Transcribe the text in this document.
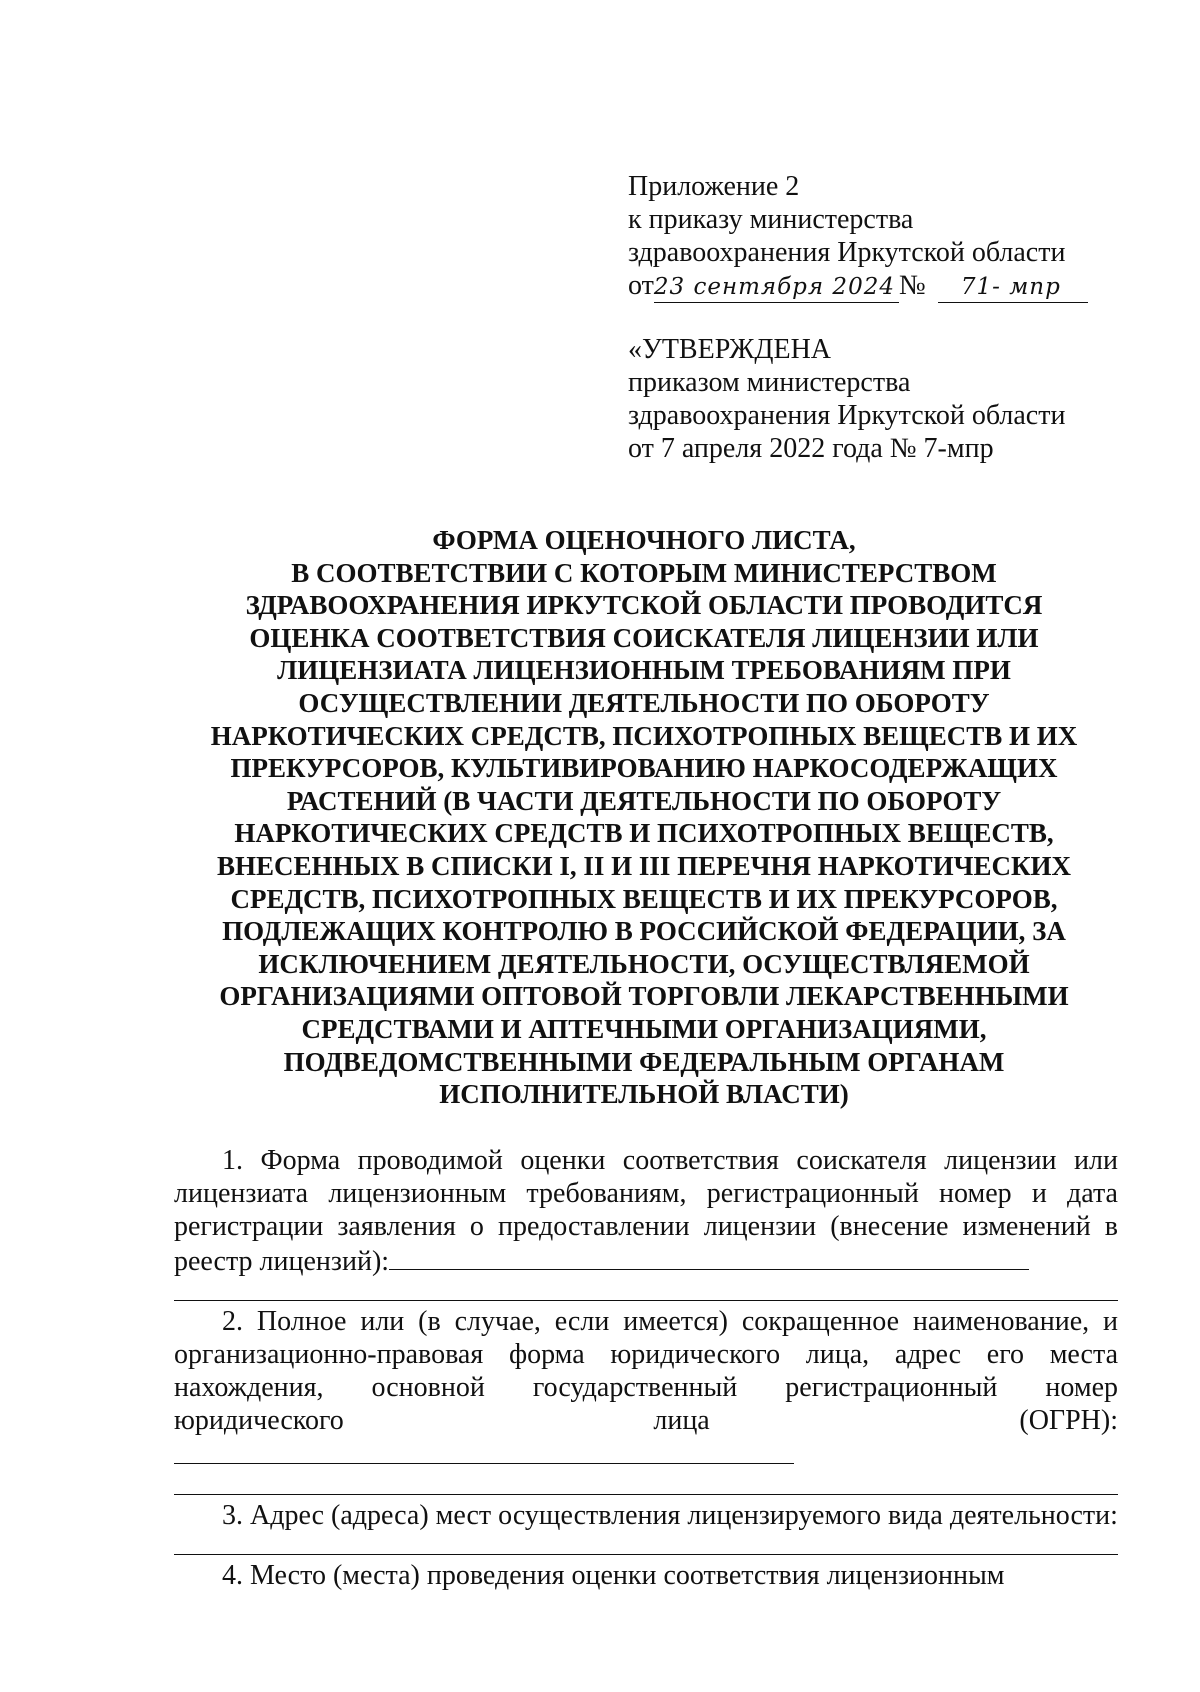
Приложение 2
к приказу министерства
здравоохранения Иркутской области
от 23 сентября 2024 №	71- мпр
«УТВЕРЖДЕНА
приказом министерства
здравоохранения Иркутской области
от 7 апреля 2022 года № 7-мпр
ФОРМА ОЦЕНОЧНОГО ЛИСТА,
В СООТВЕТСТВИИ С КОТОРЫМ МИНИСТЕРСТВОМ
ЗДРАВООХРАНЕНИЯ ИРКУТСКОЙ ОБЛАСТИ ПРОВОДИТСЯ
ОЦЕНКА СООТВЕТСТВИЯ СОИСКАТЕЛЯ ЛИЦЕНЗИИ ИЛИ
ЛИЦЕНЗИАТА ЛИЦЕНЗИОННЫМ ТРЕБОВАНИЯМ ПРИ
ОСУЩЕСТВЛЕНИИ ДЕЯТЕЛЬНОСТИ ПО ОБОРОТУ
НАРКОТИЧЕСКИХ СРЕДСТВ, ПСИХОТРОПНЫХ ВЕЩЕСТВ И ИХ
ПРЕКУРСОРОВ, КУЛЬТИВИРОВАНИЮ НАРКОСОДЕРЖАЩИХ
РАСТЕНИЙ (В ЧАСТИ ДЕЯТЕЛЬНОСТИ ПО ОБОРОТУ
НАРКОТИЧЕСКИХ СРЕДСТВ И ПСИХОТРОПНЫХ ВЕЩЕСТВ,
ВНЕСЕННЫХ В СПИСКИ I, II И III ПЕРЕЧНЯ НАРКОТИЧЕСКИХ
СРЕДСТВ, ПСИХОТРОПНЫХ ВЕЩЕСТВ И ИХ ПРЕКУРСОРОВ,
ПОДЛЕЖАЩИХ КОНТРОЛЮ В РОССИЙСКОЙ ФЕДЕРАЦИИ, ЗА
ИСКЛЮЧЕНИЕМ ДЕЯТЕЛЬНОСТИ, ОСУЩЕСТВЛЯЕМОЙ
ОРГАНИЗАЦИЯМИ ОПТОВОЙ ТОРГОВЛИ ЛЕКАРСТВЕННЫМИ
СРЕДСТВАМИ И АПТЕЧНЫМИ ОРГАНИЗАЦИЯМИ,
ПОДВЕДОМСТВЕННЫМИ ФЕДЕРАЛЬНЫМ ОРГАНАМ
ИСПОЛНИТЕЛЬНОЙ ВЛАСТИ)
1. Форма проводимой оценки соответствия соискателя лицензии или лицензиата лицензионным требованиям, регистрационный номер и дата регистрации заявления о предоставлении лицензии (внесение изменений в реестр лицензий):
2. Полное или (в случае, если имеется) сокращенное наименование, и организационно-правовая форма юридического лица, адрес его места нахождения, основной государственный регистрационный номер юридического лица (ОГРН):
3. Адрес (адреса) мест осуществления лицензируемого вида деятельности:
4. Место (места) проведения оценки соответствия лицензионным
